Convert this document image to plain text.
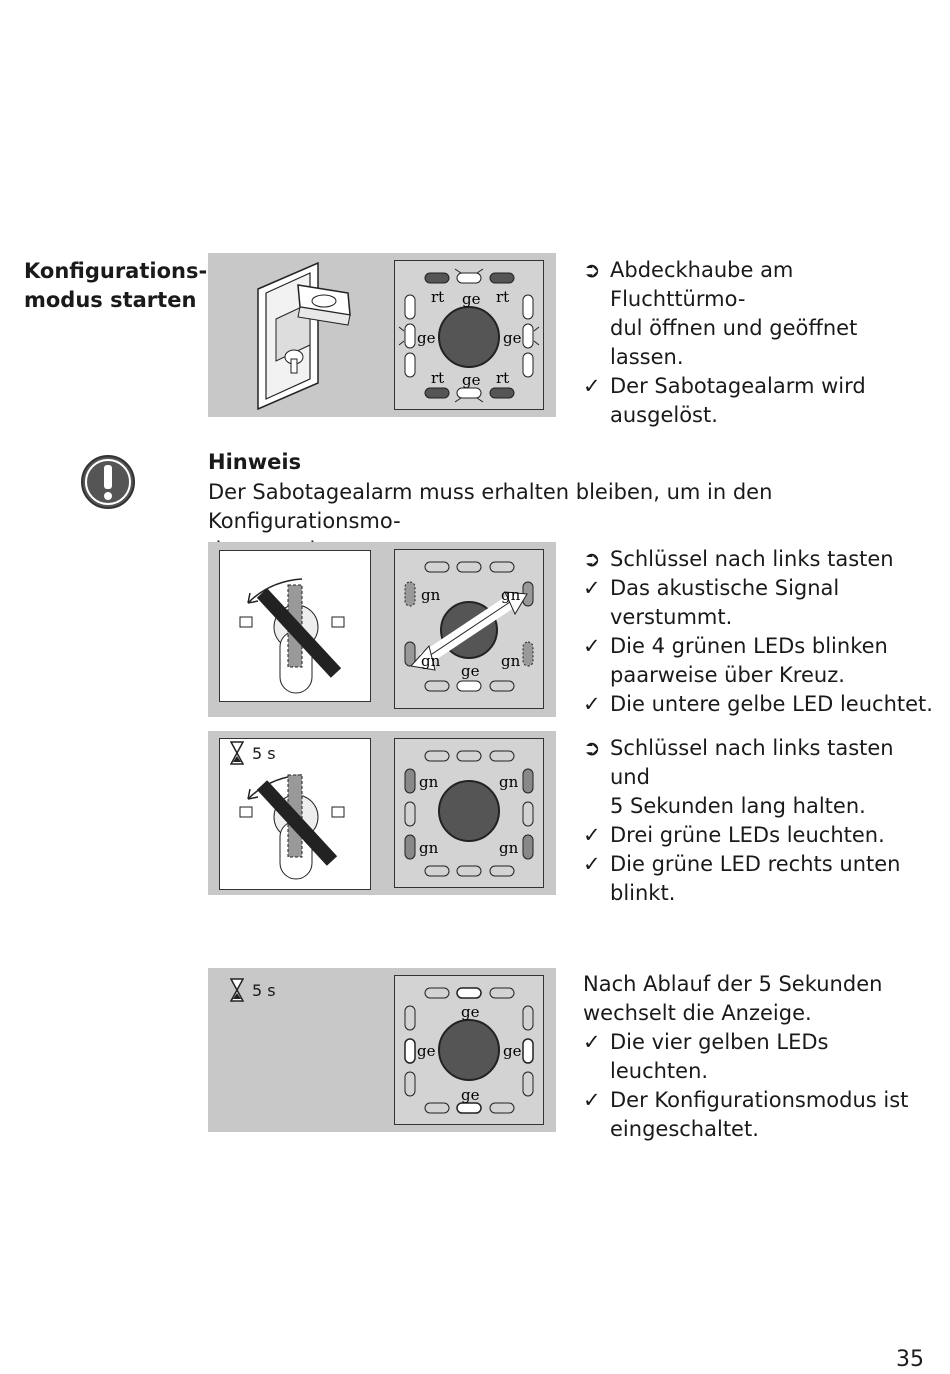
Konfigurations-
modus starten	rt ge rt
ge	ge
rt ge rt
➲ Abdeckhaube am Fluchttürmo-
dul öffnen und geöffnet lassen.
✓ Der Sabotagealarm wird
ausgelöst.
Hinweis
Der Sabotagealarm muss erhalten bleiben, um in den Konfigurationsmo-
gn	gn
gn	gn
ge
➲ Schlüssel nach links tasten
✓ Das akustische Signal
verstummt.
✓ Die 4 grünen LEDs blinken
paarweise über Kreuz.
✓ Die untere gelbe LED leuchtet.
5 s
gn	gn
gn	gn
➲ Schlüssel nach links tasten und
5 Sekunden lang halten.
✓ Drei grüne LEDs leuchten.
✓ Die grüne LED rechts unten
blinkt.
5 s
ge
ge	ge
ge
Nach Ablauf der 5 Sekunden
wechselt die Anzeige.
✓ Die vier gelben LEDs leuchten.
✓ Der Konfigurationsmodus ist
eingeschaltet.
35
